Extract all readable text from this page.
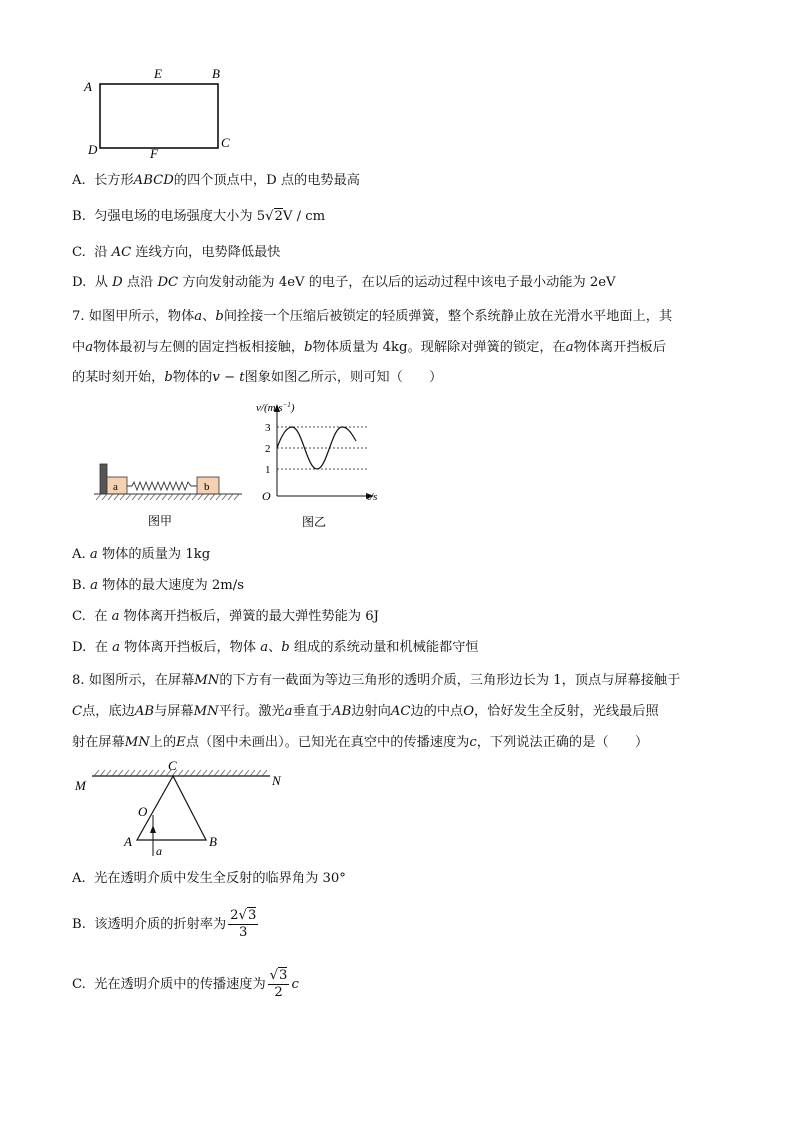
A
E	B
C
D	F
A. 长方形ABCD的四个顶点中，D 点的电势最高
B. 匀强电场的电场强度大小为 5√2V / cm
C. 沿 AC 连线方向，电势降低最快
D. 从 D 点沿 DC 方向发射动能为 4eV 的电子，在以后的运动过程中该电子最小动能为 2eV
7. 如图甲所示，物体a、b间拴接一个压缩后被锁定的轻质弹簧，整个系统静止放在光滑水平地面上，其
中a物体最初与左侧的固定挡板相接触，b物体质量为 4kg。现解除对弹簧的锁定，在a物体离开挡板后
的某时刻开始，b物体的v − t图象如图乙所示，则可知（　　）
a	b
图甲
$v/(m\cdot s^{-1})$
t/s
O
3
2
1
图乙
A. a 物体的质量为 1kg
B. a 物体的最大速度为 2m/s
C. 在 a 物体离开挡板后，弹簧的最大弹性势能为 6J
D. 在 a 物体离开挡板后，物体 a、b 组成的系统动量和机械能都守恒
8. 如图所示，在屏幕MN的下方有一截面为等边三角形的透明介质，三角形边长为 1，顶点与屏幕接触于
C点，底边AB与屏幕MN平行。激光a垂直于AB边射向AC边的中点O，恰好发生全反射，光线最后照
射在屏幕MN上的E点（图中未画出）。已知光在真空中的传播速度为c，下列说法正确的是（　　）
M	N
C
O
A	B
a
A. 光在透明介质中发生全反射的临界角为 30°
B. 该透明介质的折射率为 $\frac{2√3}{3}$
C. 光在透明介质中的传播速度为 $\frac{√3}{2}$ c
